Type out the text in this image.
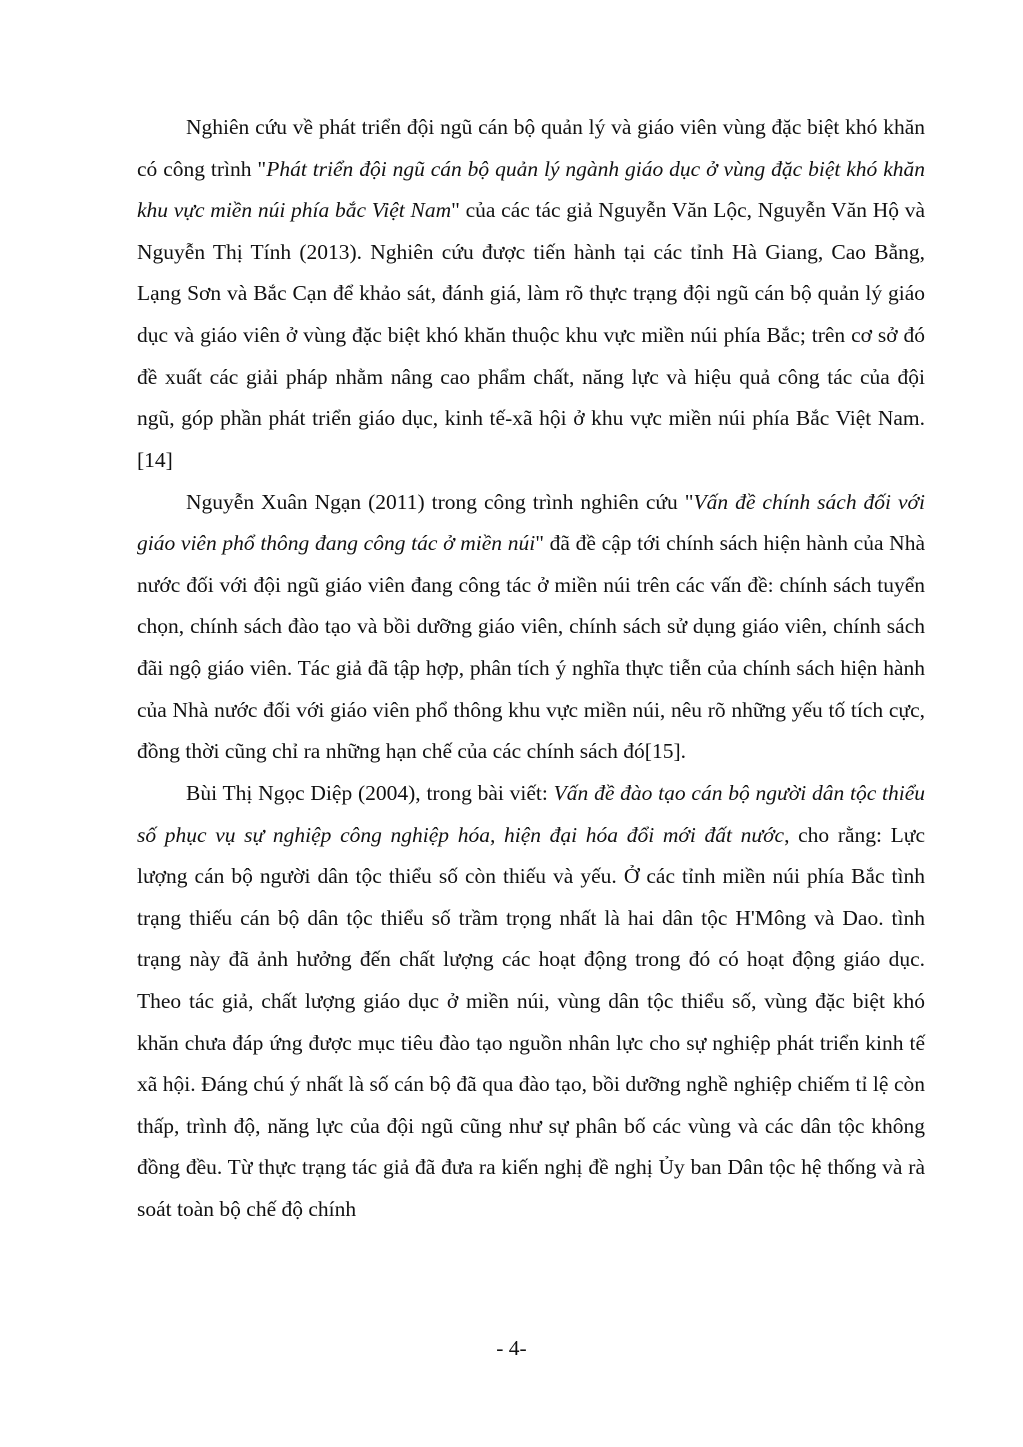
Nghiên cứu về phát triển đội ngũ cán bộ quản lý và giáo viên vùng đặc biệt khó khăn có công trình "Phát triển đội ngũ cán bộ quản lý ngành giáo dục ở vùng đặc biệt khó khăn khu vực miền núi phía bắc Việt Nam" của các tác giả Nguyễn Văn Lộc, Nguyễn Văn Hộ và Nguyễn Thị Tính (2013). Nghiên cứu được tiến hành tại các tỉnh Hà Giang, Cao Bằng, Lạng Sơn và Bắc Cạn để khảo sát, đánh giá, làm rõ thực trạng đội ngũ cán bộ quản lý giáo dục và giáo viên ở vùng đặc biệt khó khăn thuộc khu vực miền núi phía Bắc; trên cơ sở đó đề xuất các giải pháp nhằm nâng cao phẩm chất, năng lực và hiệu quả công tác của đội ngũ, góp phần phát triển giáo dục, kinh tế-xã hội ở khu vực miền núi phía Bắc Việt Nam.[14]

Nguyễn Xuân Ngạn (2011) trong công trình nghiên cứu "Vấn đề chính sách đối với giáo viên phổ thông đang công tác ở miền núi" đã đề cập tới chính sách hiện hành của Nhà nước đối với đội ngũ giáo viên đang công tác ở miền núi trên các vấn đề: chính sách tuyển chọn, chính sách đào tạo và bồi dưỡng giáo viên, chính sách sử dụng giáo viên, chính sách đãi ngộ giáo viên. Tác giả đã tập hợp, phân tích ý nghĩa thực tiễn của chính sách hiện hành của Nhà nước đối với giáo viên phổ thông khu vực miền núi, nêu rõ những yếu tố tích cực, đồng thời cũng chỉ ra những hạn chế của các chính sách đó[15].

Bùi Thị Ngọc Diệp (2004), trong bài viết: Vấn đề đào tạo cán bộ người dân tộc thiểu số phục vụ sự nghiệp công nghiệp hóa, hiện đại hóa đổi mới đất nước, cho rằng: Lực lượng cán bộ người dân tộc thiểu số còn thiếu và yếu. Ở các tỉnh miền núi phía Bắc tình trạng thiếu cán bộ dân tộc thiểu số trầm trọng nhất là hai dân tộc H'Mông và Dao. tình trạng này đã ảnh hưởng đến chất lượng các hoạt động trong đó có hoạt động giáo dục. Theo tác giả, chất lượng giáo dục ở miền núi, vùng dân tộc thiểu số, vùng đặc biệt khó khăn chưa đáp ứng được mục tiêu đào tạo nguồn nhân lực cho sự nghiệp phát triển kinh tế xã hội. Đáng chú ý nhất là số cán bộ đã qua đào tạo, bồi dưỡng nghề nghiệp chiếm tỉ lệ còn thấp, trình độ, năng lực của đội ngũ cũng như sự phân bố các vùng và các dân tộc không đồng đều. Từ thực trạng tác giả đã đưa ra kiến nghị đề nghị Ủy ban Dân tộc hệ thống và rà soát toàn bộ chế độ chính

- 4-
